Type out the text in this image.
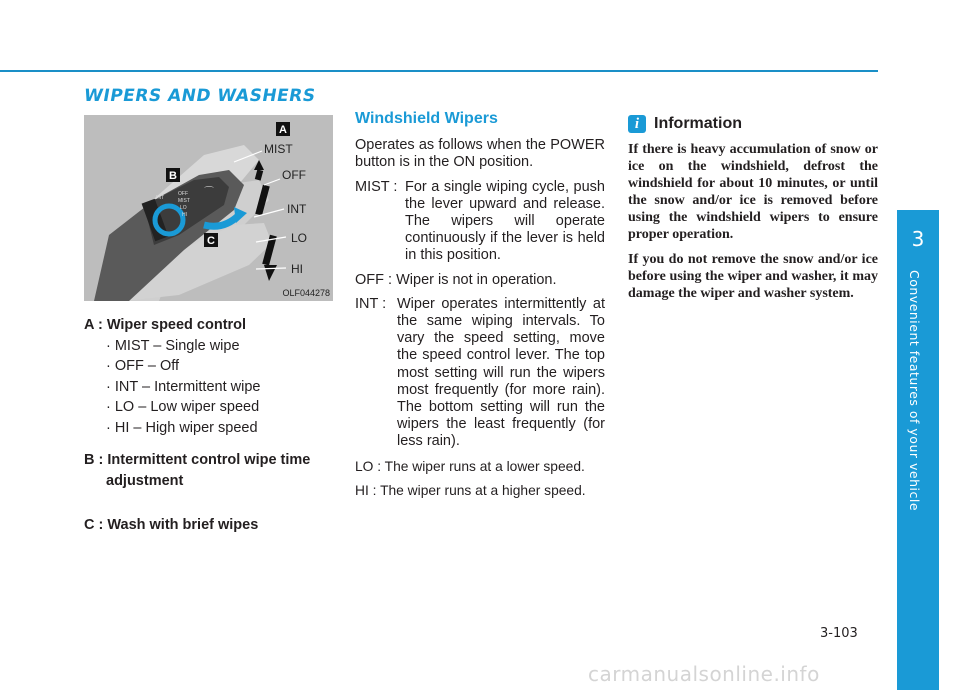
WIPERS AND WASHERS
⌒
A
B
C
MIST
OFF
INT
LO
HI
INT
OFF
MIST
LO
HI
OLF044278

A : Wiper speed control

· MIST – Single wipe

· OFF – Off

· INT – Intermittent wipe

· LO – Low wiper speed

· HI – High wiper speed

B : Intermittent control wipe time

adjustment

C : Wash with brief wipes

Windshield Wipers

Operates as follows when the POWER button is in the ON position.

MIST : For a single wiping cycle, push the lever upward and release. The wipers will operate continuously if the lever is held in this position.
OFF : Wiper is not in operation.
INT : Wiper operates intermittently at the same wiping intervals. To vary the speed setting, move the speed control lever. The top most setting will run the wipers most frequently (for more rain). The bottom setting will run the wipers the least frequently (for less rain).
LO : The wiper runs at a lower speed.
HI : The wiper runs at a higher speed.
i Information

If there is heavy accumulation of snow or ice on the windshield, defrost the windshield for about 10 minutes, or until the snow and/or ice is removed before using the windshield wipers to ensure proper operation.

If you do not remove the snow and/or ice before using the wiper and washer, it may damage the wiper and washer system.

3
Convenient features of your vehicle
3-103
carmanualsonline.info
